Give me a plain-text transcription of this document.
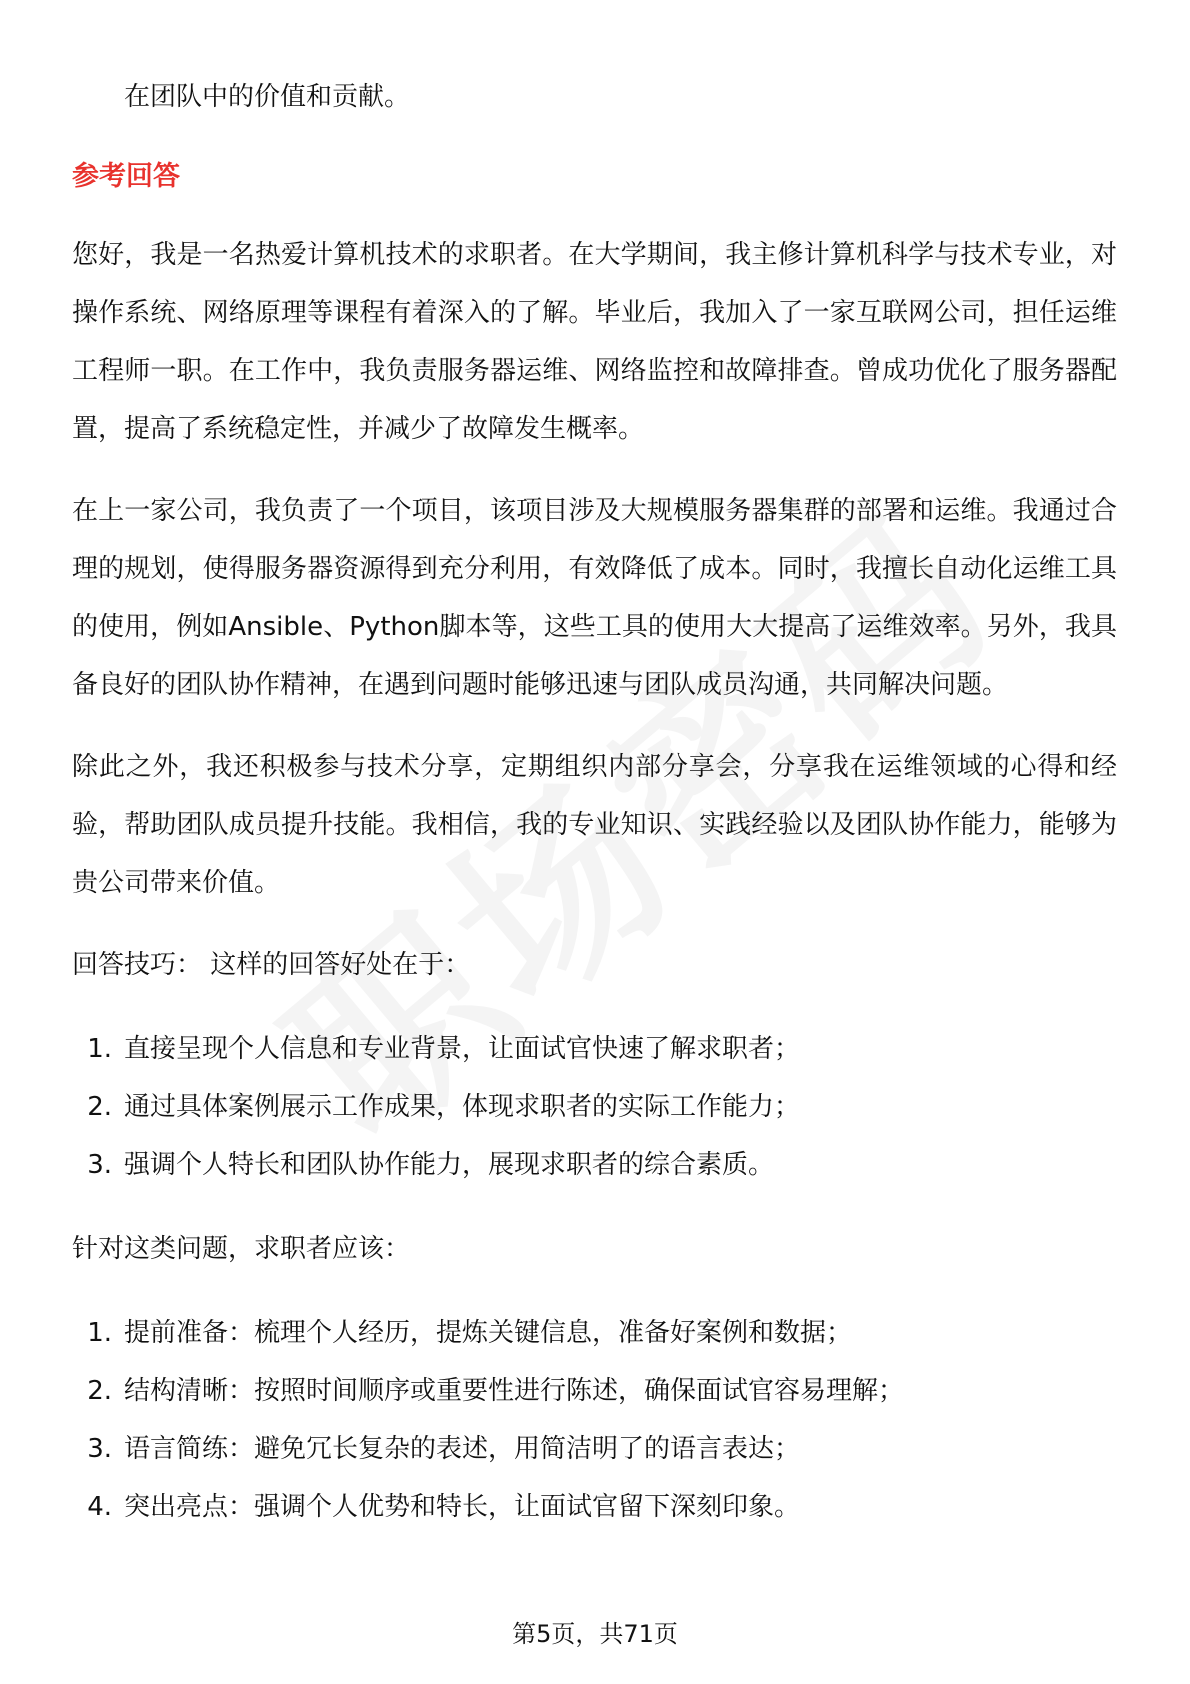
在团队中的价值和贡献。

参考回答

您好，我是一名热爱计算机技术的求职者。在大学期间，我主修计算机科学与技术专业，对操作系统、网络原理等课程有着深入的了解。毕业后，我加入了一家互联网公司，担任运维工程师一职。在工作中，我负责服务器运维、网络监控和故障排查。曾成功优化了服务器配置，提高了系统稳定性，并减少了故障发生概率。

在上一家公司，我负责了一个项目，该项目涉及大规模服务器集群的部署和运维。我通过合理的规划，使得服务器资源得到充分利用，有效降低了成本。同时，我擅长自动化运维工具的使用，例如Ansible、Python脚本等，这些工具的使用大大提高了运维效率。另外，我具备良好的团队协作精神，在遇到问题时能够迅速与团队成员沟通，共同解决问题。

除此之外，我还积极参与技术分享，定期组织内部分享会，分享我在运维领域的心得和经验，帮助团队成员提升技能。我相信，我的专业知识、实践经验以及团队协作能力，能够为贵公司带来价值。

回答技巧： 这样的回答好处在于：

1. 直接呈现个人信息和专业背景，让面试官快速了解求职者；
2. 通过具体案例展示工作成果，体现求职者的实际工作能力；
3. 强调个人特长和团队协作能力，展现求职者的综合素质。

针对这类问题，求职者应该：

1. 提前准备：梳理个人经历，提炼关键信息，准备好案例和数据；
2. 结构清晰：按照时间顺序或重要性进行陈述，确保面试官容易理解；
3. 语言简练：避免冗长复杂的表述，用简洁明了的语言表达；
4. 突出亮点：强调个人优势和特长，让面试官留下深刻印象。
第5页，共71页
